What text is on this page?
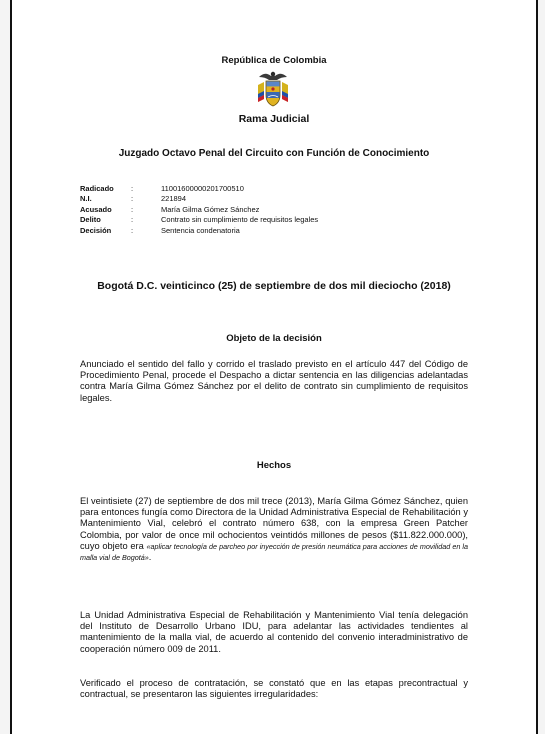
República de Colombia
Rama Judicial
Juzgado Octavo Penal del Circuito con Función de Conocimiento
Radicado	:	11001600000201700510
N.I.	:	221894
Acusado	:	María Gilma Gómez Sánchez
Delito	:	Contrato sin cumplimiento de requisitos legales
Decisión	:	Sentencia condenatoria
Bogotá D.C. veinticinco (25) de septiembre de dos mil dieciocho (2018)
Objeto de la decisión
Anunciado el sentido del fallo y corrido el traslado previsto en el artículo 447 del Código de Procedimiento Penal, procede el Despacho a dictar sentencia en las diligencias adelantadas contra María Gilma Gómez Sánchez por el delito de contrato sin cumplimiento de requisitos legales.
Hechos
El veintisiete (27) de septiembre de dos mil trece (2013), María Gilma Gómez Sánchez, quien para entonces fungía como Directora de la Unidad Administrativa Especial de Rehabilitación y Mantenimiento Vial, celebró el contrato número 638, con la empresa Green Patcher Colombia, por valor de once mil ochocientos veintidós millones de pesos ($11.822.000.000), cuyo objeto era «aplicar tecnología de parcheo por inyección de presión neumática para acciones de movilidad en la malla vial de Bogotá».
La Unidad Administrativa Especial de Rehabilitación y Mantenimiento Vial tenía delegación del Instituto de Desarrollo Urbano IDU, para adelantar las actividades tendientes al mantenimiento de la malla vial, de acuerdo al contenido del convenio interadministrativo de cooperación número 009 de 2011.
Verificado el proceso de contratación, se constató que en las etapas precontractual y contractual, se presentaron las siguientes irregularidades:
